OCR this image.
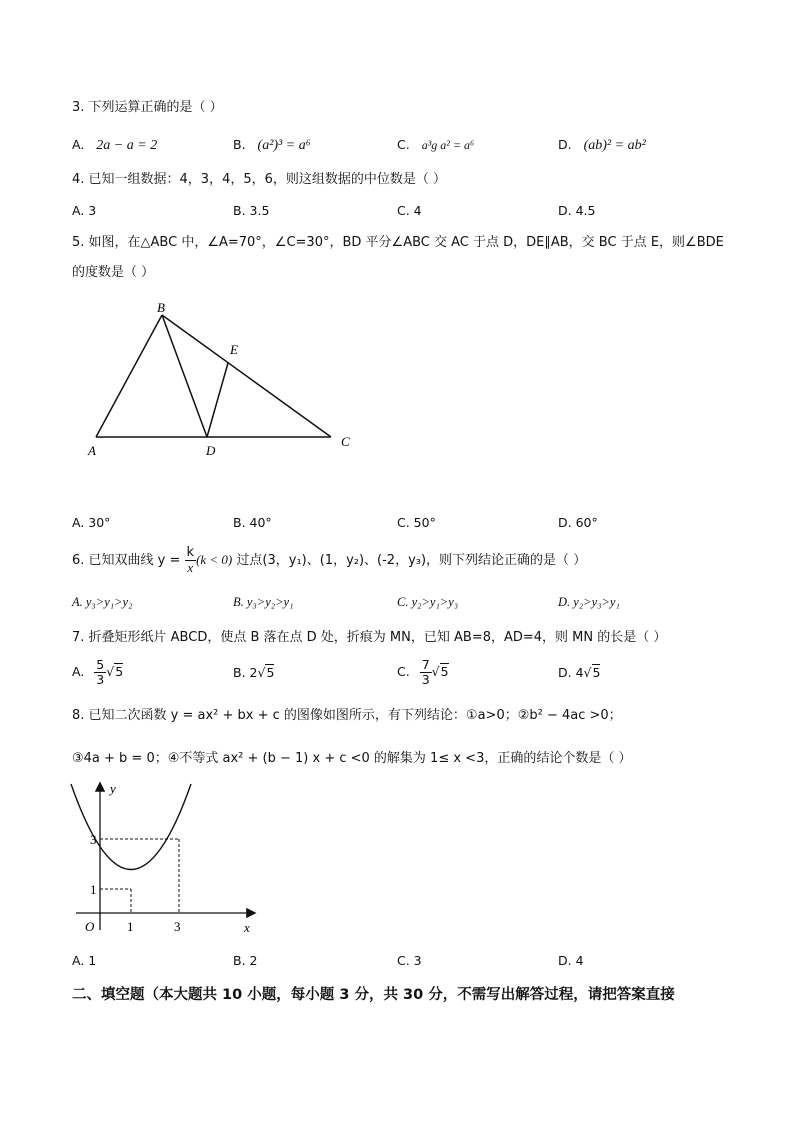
3. 下列运算正确的是（ ）
A. 2a − a = 2	B. (a²)³ = a⁶	C. a³g a² = a⁶	D. (ab)² = ab²
4. 已知一组数据：4，3，4，5，6，则这组数据的中位数是（ ）
A. 3	B. 3.5	C. 4	D. 4.5
5. 如图，在△ABC 中，∠A=70°，∠C=30°，BD 平分∠ABC 交 AC 于点 D，DE∥AB，交 BC 于点 E，则∠BDE
的度数是（ ）
B
E
A	D
C
A. 30°	B. 40°	C. 50°	D. 60°
6. 已知双曲线 $y = \frac{k}{x} (k < 0)$ 过点(3，y₁)、(1，y₂)、(-2，y₃)，则下列结论正确的是（ ）
A. y₃>y₁>y₂	B. y₃>y₂>y₁	C. y₂>y₁>y₃	D. y₂>y₃>y₁
7. 折叠矩形纸片 ABCD，使点 B 落在点 D 处，折痕为 MN，已知 AB=8，AD=4，则 MN 的长是（ ）
A. $\frac{5}{3} √5$	B. 2√5	C. $\frac{7}{3} √5$	D. 4√5
8. 已知二次函数 y = ax² + bx + c 的图像如图所示，有下列结论：①a>0；②b² − 4ac >0；
③4a + b = 0；④不等式 ax² + (b − 1) x + c <0 的解集为 1≤ x <3，正确的结论个数是（ ）
y
x
O	1	3
1
3
A. 1	B. 2	C. 3	D. 4
二、填空题（本大题共 10 小题，每小题 3 分，共 30 分，不需写出解答过程，请把答案直接
